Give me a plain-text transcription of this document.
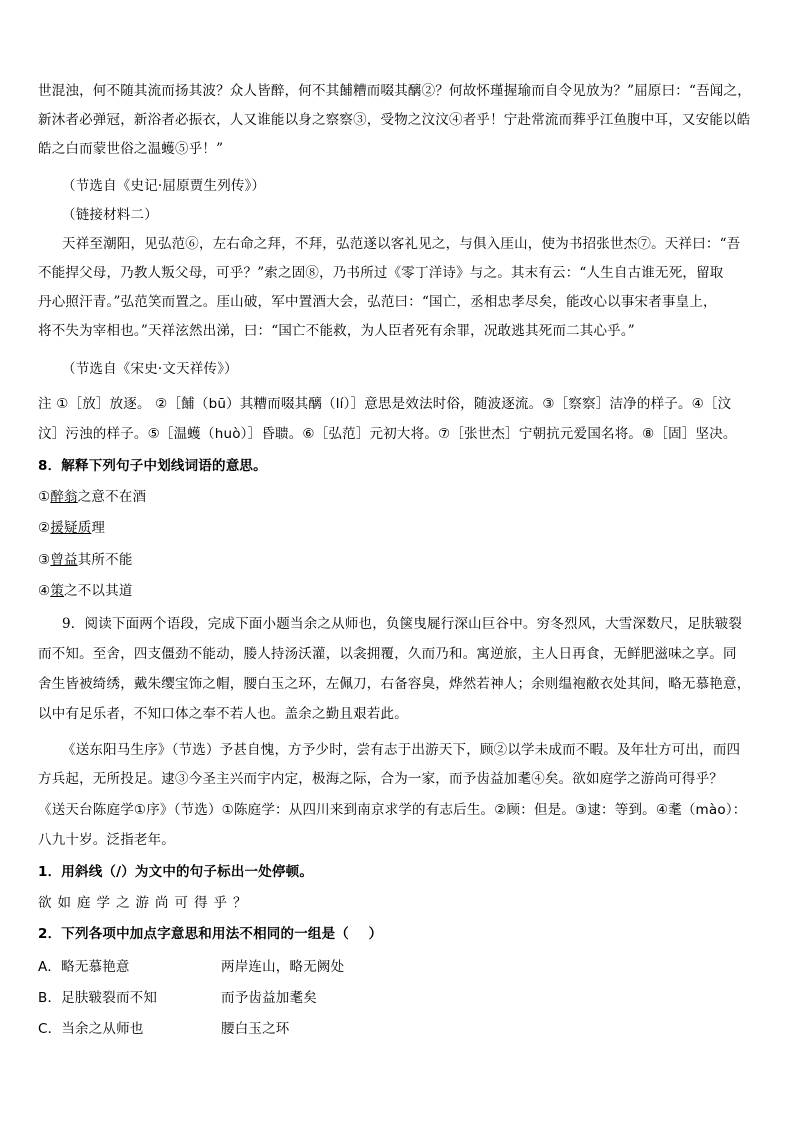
世混浊，何不随其流而扬其波？众人皆醉，何不其餔糟而啜其醨②？何故怀瑾握瑜而自令见放为？”屈原曰：“吾闻之，
新沐者必弹冠，新浴者必振衣，人又谁能以身之察察③，受物之汶汶④者乎！宁赴常流而葬乎江鱼腹中耳，又安能以皓
皓之白而蒙世俗之温蠖⑤乎！”
（节选自《史记·屈原贾生列传》）
（链接材料二）
天祥至潮阳，见弘范⑥，左右命之拜，不拜，弘范遂以客礼见之，与俱入厓山，使为书招张世杰⑦。天祥曰：“吾
不能捍父母，乃教人叛父母，可乎？”索之固⑧，乃书所过《零丁洋诗》与之。其末有云：“人生自古谁无死，留取
丹心照汗青。”弘范笑而置之。厓山破，军中置酒大会，弘范曰：“国亡，丞相忠孝尽矣，能改心以事宋者事皇上，
将不失为宰相也。”天祥泫然出涕，曰：“国亡不能救，为人臣者死有余罪，况敢逃其死而二其心乎。”
（节选自《宋史·文天祥传》）
注 ①［放］放逐。 ②［餔（bū）其糟而啜其醨（lí）］意思是效法时俗，随波逐流。③［察察］洁净的样子。④［汶
汶］污浊的样子。⑤［温蠖（huò）］昏聩。⑥［弘范］元初大将。⑦［张世杰］宁朝抗元爱国名将。⑧［固］坚决。
8．解释下列句子中划线词语的意思。
①醉翁之意不在酒
②援疑质理
③曾益其所不能
④策之不以其道
9．阅读下面两个语段，完成下面小题当余之从师也，负箧曳屣行深山巨谷中。穷冬烈风，大雪深数尺，足肤皲裂
而不知。至舍，四支僵劲不能动，媵人持汤沃灌，以衾拥覆，久而乃和。寓逆旅，主人日再食，无鲜肥滋味之享。同
舍生皆被绮绣，戴朱缨宝饰之帽，腰白玉之环，左佩刀，右备容臭，烨然若神人；余则缊袍敝衣处其间，略无慕艳意，
以中有足乐者，不知口体之奉不若人也。盖余之勤且艰若此。
《送东阳马生序》（节选）予甚自愧，方予少时，尝有志于出游天下，顾②以学未成而不暇。及年壮方可出，而四
方兵起，无所投足。逮③今圣主兴而宇内定，极海之际，合为一家，而予齿益加耄④矣。欲如庭学之游尚可得乎？
《送天台陈庭学①序》（节选）①陈庭学：从四川来到南京求学的有志后生。②顾：但是。③逮：等到。④耄（mào）：
八九十岁。泛指老年。
1．用斜线（/）为文中的句子标出一处停顿。
欲如庭学之游尚可得乎？
2．下列各项中加点字意思和用法不相同的一组是（    ）
A．略无慕艳意	两岸连山，略无阙处
B．足肤皲裂而不知	而予齿益加耄矣
C．当余之从师也	腰白玉之环
